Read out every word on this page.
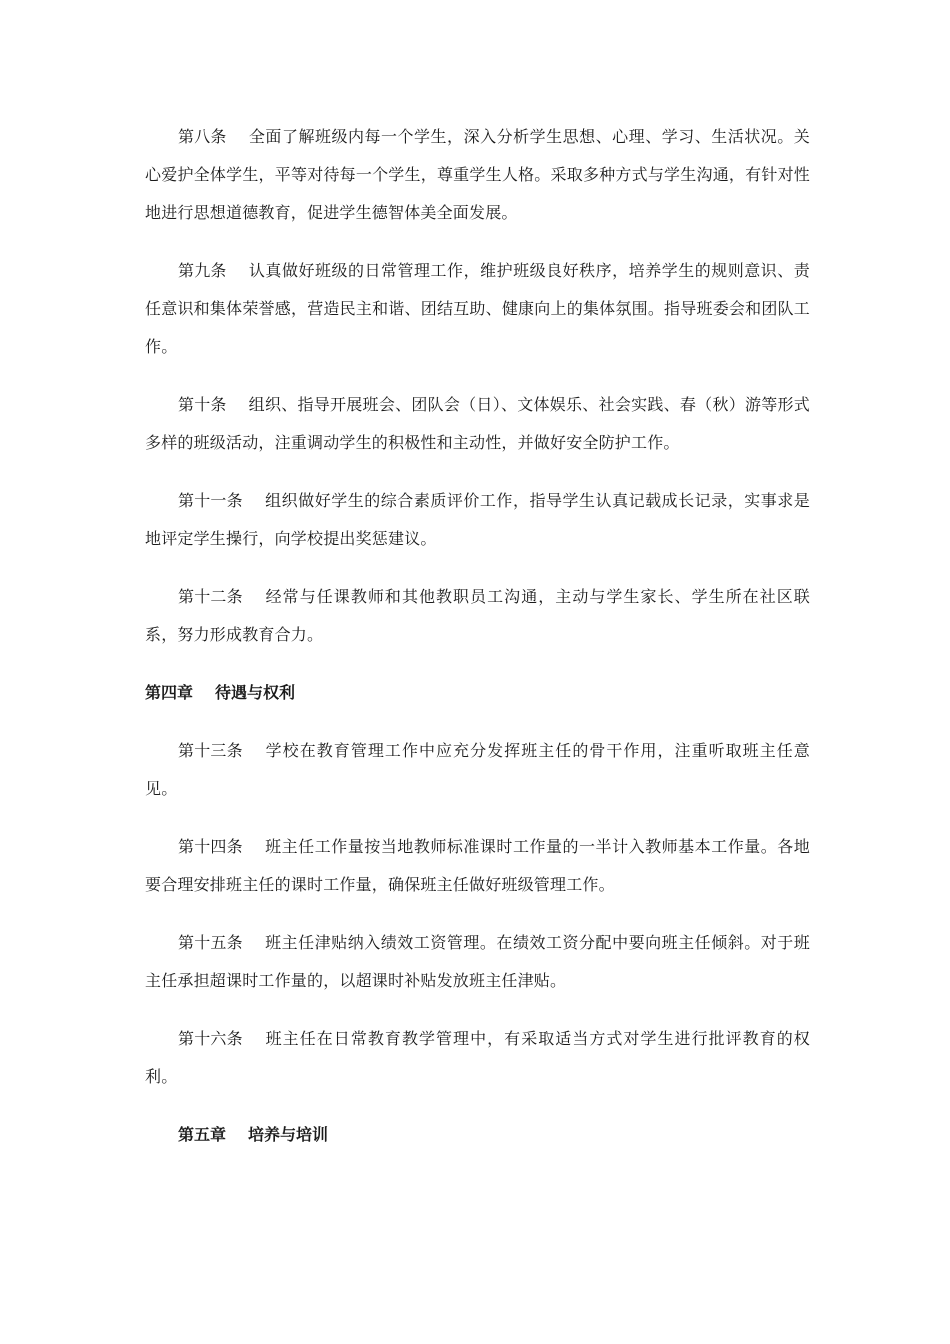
第八条 全面了解班级内每一个学生，深入分析学生思想、心理、学习、生活状况。关心爱护全体学生，平等对待每一个学生，尊重学生人格。采取多种方式与学生沟通，有针对性地进行思想道德教育，促进学生德智体美全面发展。

第九条 认真做好班级的日常管理工作，维护班级良好秩序，培养学生的规则意识、责任意识和集体荣誉感，营造民主和谐、团结互助、健康向上的集体氛围。指导班委会和团队工作。

第十条 组织、指导开展班会、团队会（日）、文体娱乐、社会实践、春（秋）游等形式多样的班级活动，注重调动学生的积极性和主动性，并做好安全防护工作。

第十一条 组织做好学生的综合素质评价工作，指导学生认真记载成长记录，实事求是地评定学生操行，向学校提出奖惩建议。

第十二条 经常与任课教师和其他教职员工沟通，主动与学生家长、学生所在社区联系，努力形成教育合力。

第四章 待遇与权利

第十三条 学校在教育管理工作中应充分发挥班主任的骨干作用，注重听取班主任意见。

第十四条 班主任工作量按当地教师标准课时工作量的一半计入教师基本工作量。各地要合理安排班主任的课时工作量，确保班主任做好班级管理工作。

第十五条 班主任津贴纳入绩效工资管理。在绩效工资分配中要向班主任倾斜。对于班主任承担超课时工作量的，以超课时补贴发放班主任津贴。

第十六条 班主任在日常教育教学管理中，有采取适当方式对学生进行批评教育的权利。

第五章 培养与培训
